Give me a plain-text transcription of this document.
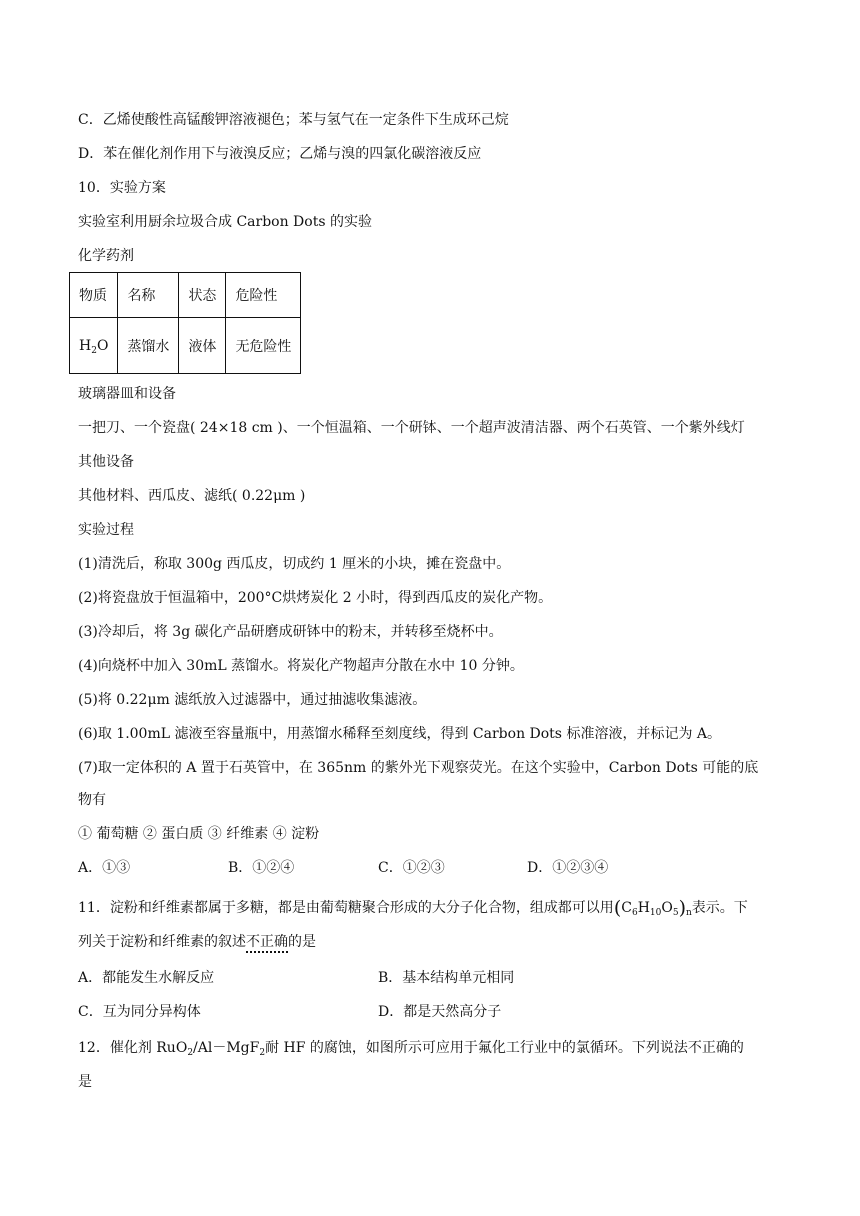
C．乙烯使酸性高锰酸钾溶液褪色；苯与氢气在一定条件下生成环己烷
D．苯在催化剂作用下与液溴反应；乙烯与溴的四氯化碳溶液反应
10．实验方案
实验室利用厨余垃圾合成 Carbon Dots 的实验
化学药剂
物质	名称	状态	危险性
$H_2O$	蒸馏水	液体	无危险性
玻璃器皿和设备
一把刀、一个瓷盘( 24×18 cm )、一个恒温箱、一个研钵、一个超声波清洁器、两个石英管、一个紫外线灯
其他设备
其他材料、西瓜皮、滤纸( 0.22μm )
实验过程
(1)清洗后，称取 300g 西瓜皮，切成约 1 厘米的小块，摊在瓷盘中。
(2)将瓷盘放于恒温箱中，200°C烘烤炭化 2 小时，得到西瓜皮的炭化产物。
(3)冷却后，将 3g 碳化产品研磨成研钵中的粉末，并转移至烧杯中。
(4)向烧杯中加入 30mL 蒸馏水。将炭化产物超声分散在水中 10 分钟。
(5)将 0.22μm 滤纸放入过滤器中，通过抽滤收集滤液。
(6)取 1.00mL 滤液至容量瓶中，用蒸馏水稀释至刻度线，得到 Carbon Dots 标准溶液，并标记为 A。
(7)取一定体积的 A 置于石英管中，在 365nm 的紫外光下观察荧光。在这个实验中，Carbon Dots 可能的底
物有
① 葡萄糖 ② 蛋白质 ③ 纤维素 ④ 淀粉
A．①③	B．①②④	C．①②③	D．①②③④
11．淀粉和纤维素都属于多糖，都是由葡萄糖聚合形成的大分子化合物，组成都可以用$(C_6H_{10}O_5)_n$表示。下
列关于淀粉和纤维素的叙述不正确的是
A．都能发生水解反应	B．基本结构单元相同
C．互为同分异构体	D．都是天然高分子
12．催化剂 RuO$_2$/Al－MgF$_2$耐 HF 的腐蚀，如图所示可应用于氟化工行业中的氯循环。下列说法不正确的
是
